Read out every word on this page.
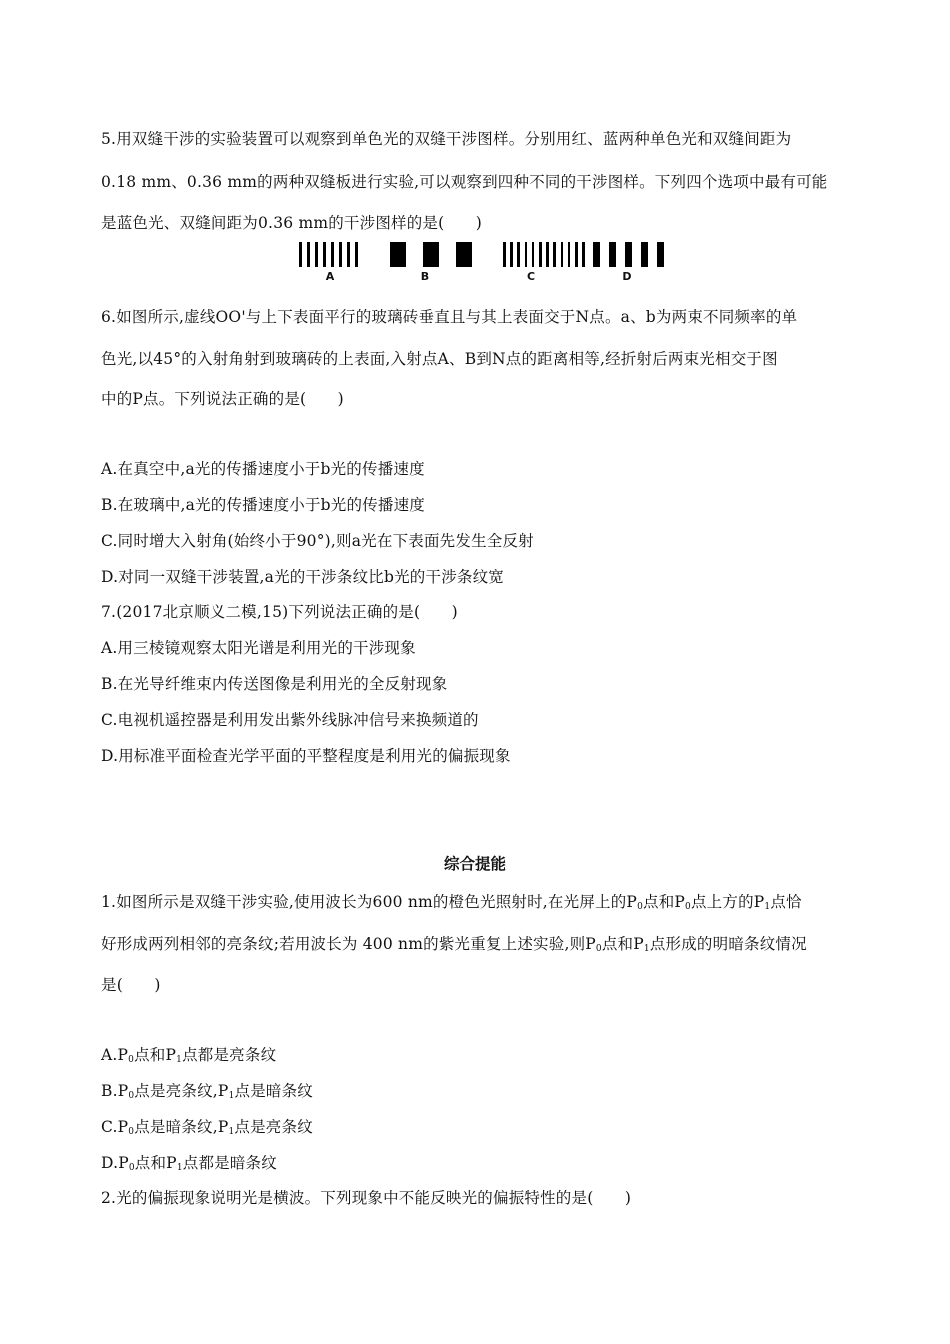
5.用双缝干涉的实验装置可以观察到单色光的双缝干涉图样。分别用红、蓝两种单色光和双缝间距为
0.18 mm、0.36 mm的两种双缝板进行实验,可以观察到四种不同的干涉图样。下列四个选项中最有可能
是蓝色光、双缝间距为0.36 mm的干涉图样的是(　　)
A	B	C	D
6.如图所示,虚线OO'与上下表面平行的玻璃砖垂直且与其上表面交于N点。a、b为两束不同频率的单
色光,以45°的入射角射到玻璃砖的上表面,入射点A、B到N点的距离相等,经折射后两束光相交于图
中的P点。下列说法正确的是(　　)
A.在真空中,a光的传播速度小于b光的传播速度
B.在玻璃中,a光的传播速度小于b光的传播速度
C.同时增大入射角(始终小于90°),则a光在下表面先发生全反射
D.对同一双缝干涉装置,a光的干涉条纹比b光的干涉条纹宽
7.(2017北京顺义二模,15)下列说法正确的是(　　)
A.用三棱镜观察太阳光谱是利用光的干涉现象
B.在光导纤维束内传送图像是利用光的全反射现象
C.电视机遥控器是利用发出紫外线脉冲信号来换频道的
D.用标准平面检查光学平面的平整程度是利用光的偏振现象
综合提能
1.如图所示是双缝干涉实验,使用波长为600 nm的橙色光照射时,在光屏上的$P_0$点和$P_0$点上方的$P_1$点恰
好形成两列相邻的亮条纹;若用波长为 400 nm的紫光重复上述实验,则$P_0$点和$P_1$点形成的明暗条纹情况
是(　　)
$A.P_0$点和$P_1$点都是亮条纹
$B.P_0$点是亮条纹$,P_1$点是暗条纹
$C.P_0$点是暗条纹$,P_1$点是亮条纹
$D.P_0$点和$P_1$点都是暗条纹
2.光的偏振现象说明光是横波。下列现象中不能反映光的偏振特性的是(　　)
